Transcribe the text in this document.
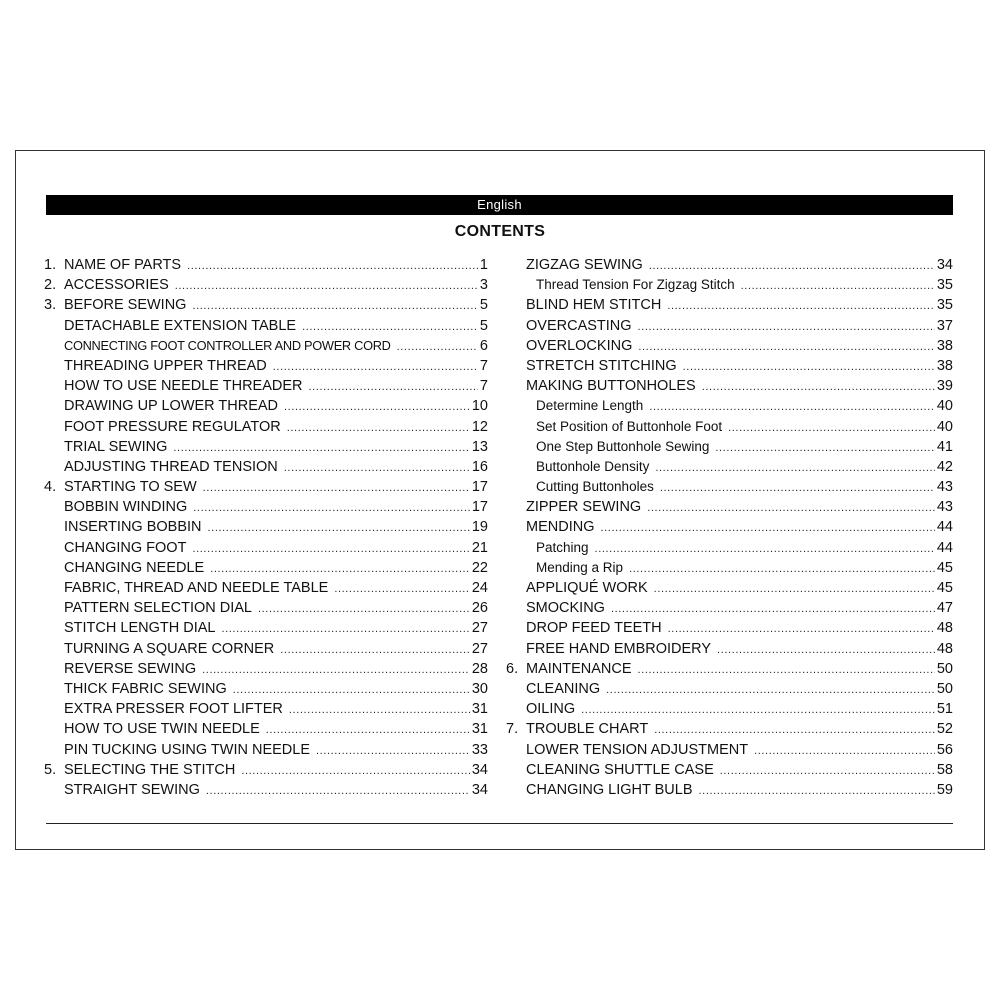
English
CONTENTS
1. NAME OF PARTS .....	1
2. ACCESSORIES .....	3
3. BEFORE SEWING .....	5
DETACHABLE EXTENSION TABLE .....	5
CONNECTING FOOT CONTROLLER AND POWER CORD .....	6
THREADING UPPER THREAD .....	7
HOW TO USE NEEDLE THREADER .....	7
DRAWING UP LOWER THREAD .....	10
FOOT PRESSURE REGULATOR .....	12
TRIAL SEWING .....	13
ADJUSTING THREAD TENSION .....	16
4. STARTING TO SEW .....	17
BOBBIN WINDING .....	17
INSERTING BOBBIN .....	19
CHANGING FOOT .....	21
CHANGING NEEDLE .....	22
FABRIC, THREAD AND NEEDLE TABLE .....	24
PATTERN SELECTION DIAL .....	26
STITCH LENGTH DIAL .....	27
TURNING A SQUARE CORNER .....	27
REVERSE SEWING .....	28
THICK FABRIC SEWING .....	30
EXTRA PRESSER FOOT LIFTER .....	31
HOW TO USE TWIN NEEDLE .....	31
PIN TUCKING USING TWIN NEEDLE .....	33
5. SELECTING THE STITCH .....	34
STRAIGHT SEWING .....	34
ZIGZAG SEWING .....	34
Thread Tension For Zigzag Stitch .....	35
BLIND HEM STITCH .....	35
OVERCASTING .....	37
OVERLOCKING .....	38
STRETCH STITCHING .....	38
MAKING BUTTONHOLES .....	39
Determine Length .....	40
Set Position of Buttonhole Foot .....	40
One Step Buttonhole Sewing .....	41
Buttonhole Density .....	42
Cutting Buttonholes .....	43
ZIPPER SEWING .....	43
MENDING .....	44
Patching .....	44
Mending a Rip .....	45
APPLIQUÉ WORK .....	45
SMOCKING .....	47
DROP FEED TEETH .....	48
FREE HAND EMBROIDERY .....	48
6. MAINTENANCE .....	50
CLEANING .....	50
OILING .....	51
7. TROUBLE CHART .....	52
LOWER TENSION ADJUSTMENT .....	56
CLEANING SHUTTLE CASE .....	58
CHANGING LIGHT BULB .....	59
